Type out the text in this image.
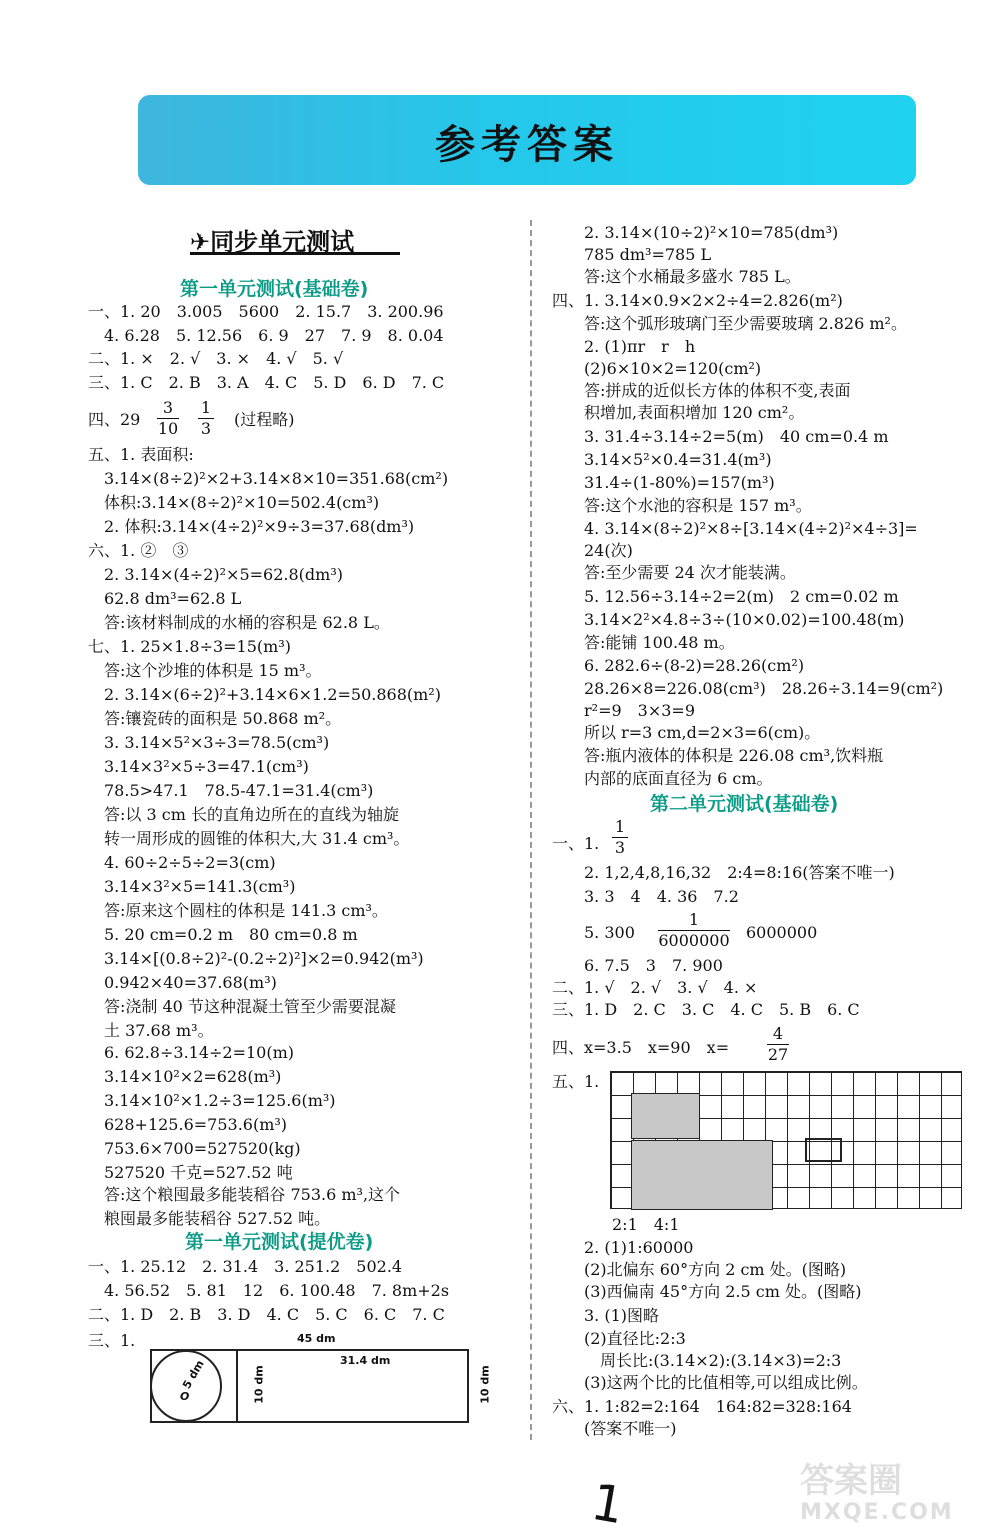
参考答案
✈同步单元测试
第一单元测试(基础卷)
一、1. 20　3.005　5600　2. 15.7　3. 200.96
　4. 6.28　5. 12.56　6. 9　27　7. 9　8. 0.04
二、1. ×　2. √　3. ×　4. √　5. √
三、1. C　2. B　3. A　4. C　5. D　6. D　7. C
四、29
五、1. 表面积:
　3.14×(8÷2)²×2+3.14×8×10=351.68(cm²)
　体积:3.14×(8÷2)²×10=502.4(cm³)
　2. 体积:3.14×(4÷2)²×9÷3=37.68(dm³)
六、1. ②　③
　2. 3.14×(4÷2)²×5=62.8(dm³)
　62.8 dm³=62.8 L
　答:该材料制成的水桶的容积是 62.8 L。
七、1. 25×1.8÷3=15(m³)
　答:这个沙堆的体积是 15 m³。
　2. 3.14×(6÷2)²+3.14×6×1.2=50.868(m²)
　答:镶瓷砖的面积是 50.868 m²。
　3. 3.14×5²×3÷3=78.5(cm³)
　3.14×3²×5÷3=47.1(cm³)
　78.5>47.1　78.5-47.1=31.4(cm³)
　答:以 3 cm 长的直角边所在的直线为轴旋
　转一周形成的圆锥的体积大,大 31.4 cm³。
　4. 60÷2÷5÷2=3(cm)
　3.14×3²×5=141.3(cm³)
　答:原来这个圆柱的体积是 141.3 cm³。
　5. 20 cm=0.2 m　80 cm=0.8 m
　3.14×[(0.8÷2)²-(0.2÷2)²]×2=0.942(m³)
　0.942×40=37.68(m³)
　答:浇制 40 节这种混凝土管至少需要混凝
　土 37.68 m³。
　6. 62.8÷3.14÷2=10(m)
　3.14×10²×2=628(m³)
　3.14×10²×1.2÷3=125.6(m³)
　628+125.6=753.6(m³)
　753.6×700=527520(kg)
　527520 千克=527.52 吨
　答:这个粮囤最多能装稻谷 753.6 m³,这个
　粮囤最多能装稻谷 527.52 吨。
$\frac{3}{10} \frac{1}{3}$ (过程略)
第一单元测试(提优卷)
一、1. 25.12　2. 31.4　3. 251.2　502.4
　4. 56.52　5. 81　12　6. 100.48　7. 8m+2s
二、1. D　2. B　3. D　4. C　5. C　6. C　7. C
三、1.	45 dm
31.4 dm
5 dm
O	10 dm	10 dm
　2. 3.14×(10÷2)²×10=785(dm³)
　785 dm³=785 L
　答:这个水桶最多盛水 785 L。
四、1. 3.14×0.9×2×2÷4=2.826(m²)
　答:这个弧形玻璃门至少需要玻璃 2.826 m²。
　2. (1)πr　r　h
　(2)6×10×2=120(cm²)
　答:拼成的近似长方体的体积不变,表面
　积增加,表面积增加 120 cm²。
　3. 31.4÷3.14÷2=5(m)　40 cm=0.4 m
　3.14×5²×0.4=31.4(m³)
　31.4÷(1-80%)=157(m³)
　答:这个水池的容积是 157 m³。
　4. 3.14×(8÷2)²×8÷[3.14×(4÷2)²×4÷3]=
　24(次)
　答:至少需要 24 次才能装满。
　5. 12.56÷3.14÷2=2(m)　2 cm=0.02 m
　3.14×2²×4.8÷3÷(10×0.02)=100.48(m)
　答:能铺 100.48 m。
　6. 282.6÷(8-2)=28.26(cm²)
　28.26×8=226.08(cm³)　28.26÷3.14=9(cm²)
　r²=9　3×3=9
　所以 r=3 cm,d=2×3=6(cm)。
　答:瓶内液体的体积是 226.08 cm³,饮料瓶
　内部的底面直径为 6 cm。
第二单元测试(基础卷)
一、1. $\frac{1}{3}$
　2. 1,2,4,8,16,32　2:4=8:16(答案不唯一)
　3. 3　4　4. 36　7.2
　5. $300 \frac{1}{6000000} 6000000$
　6. 7.5　3　7. 900
二、1. √　2. √　3. √　4. ×
三、1. D　2. C　3. C　4. C　5. B　6. C
四、x=3.5　x=90　$x= \frac{4}{27}$
五、1.
2:1　4:1
　2. (1)1:60000
　(2)北偏东 60°方向 2 cm 处。(图略)
　(3)西偏南 45°方向 2.5 cm 处。(图略)
　3. (1)图略
　(2)直径比:2:3
　　周长比:(3.14×2):(3.14×3)=2:3
　(3)这两个比的比值相等,可以组成比例。
六、1. 1:82=2:164　164:82=328:164
　(答案不唯一)
1	答案圈
MXQE.COM
